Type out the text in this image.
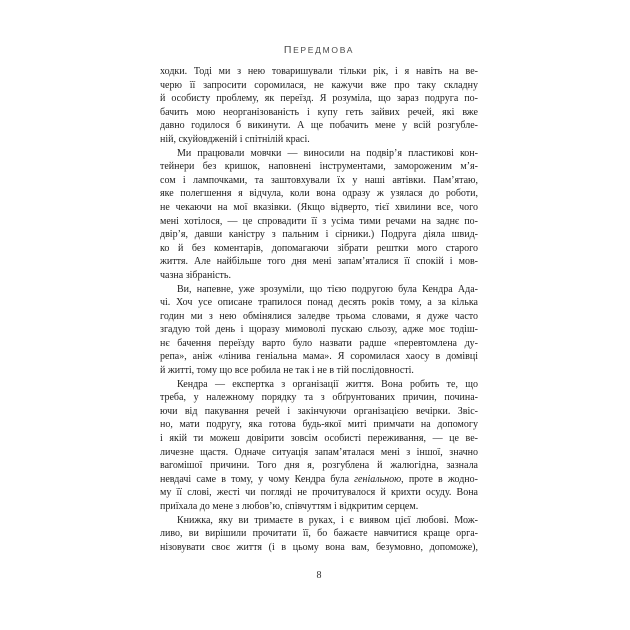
ПЕРЕДМОВА
ходки. Тоді ми з нею товаришували тільки рік, і я навіть на ве-
черю її запросити соромилася, не кажучи вже про таку складну
й особисту проблему, як переїзд. Я розуміла, що зараз подруга по-
бачить мою неорганізованість і купу геть зайвих речей, які вже
давно годилося б викинути. А ще побачить мене у всій розгубле-
ній, скуйовдженій і спітнілій красі.
Ми працювали мовчки — виносили на подвір’я пластикові кон-
тейнери без кришок, наповнені інструментами, замороженим м’я-
сом і лампочками, та заштовхували їх у наші автівки. Пам’ятаю,
яке полегшення я відчула, коли вона одразу ж узялася до роботи,
не чекаючи на мої вказівки. (Якщо відверто, тієї хвилини все, чого
мені хотілося, — це спровадити її з усіма тими речами на заднє по-
двір’я, давши каністру з пальним і сірники.) Подруга діяла швид-
ко й без коментарів, допомагаючи зібрати рештки мого старого
життя. Але найбільше того дня мені запам’яталися її спокій і мов-
чазна зібраність.
Ви, напевне, уже зрозуміли, що тією подругою була Кендра Ада-
чі. Хоч усе описане трапилося понад десять років тому, а за кілька
годин ми з нею обмінялися заледве трьома словами, я дуже часто
згадую той день і щоразу мимоволі пускаю сльозу, адже моє тодіш-
нє бачення переїзду варто було назвати радше «перевтомлена ду-
репа», аніж «лінива геніальна мама». Я соромилася хаосу в домівці
й житті, тому що все робила не так і не в тій послідовності.
Кендра — експертка з організації життя. Вона робить те, що
треба, у належному порядку та з обґрунтованих причин, почина-
ючи від пакування речей і закінчуючи організацією вечірки. Звіс-
но, мати подругу, яка готова будь-якої миті примчати на допомогу
і якій ти можеш довірити зовсім особисті переживання, — це ве-
личезне щастя. Одначе ситуація запам’яталася мені з іншої, значно
вагомішої причини. Того дня я, розгублена й жалюгідна, зазнала
невдачі саме в тому, у чому Кендра була геніальною, проте в жодно-
му її слові, жесті чи погляді не прочитувалося й крихти осуду. Вона
приїхала до мене з любов’ю, співчуттям і відкритим серцем.
Книжка, яку ви тримаєте в руках, і є виявом цієї любові. Мож-
ливо, ви вирішили прочитати її, бо бажаєте навчитися краще орга-
нізовувати своє життя (і в цьому вона вам, безумовно, допоможе),
8
